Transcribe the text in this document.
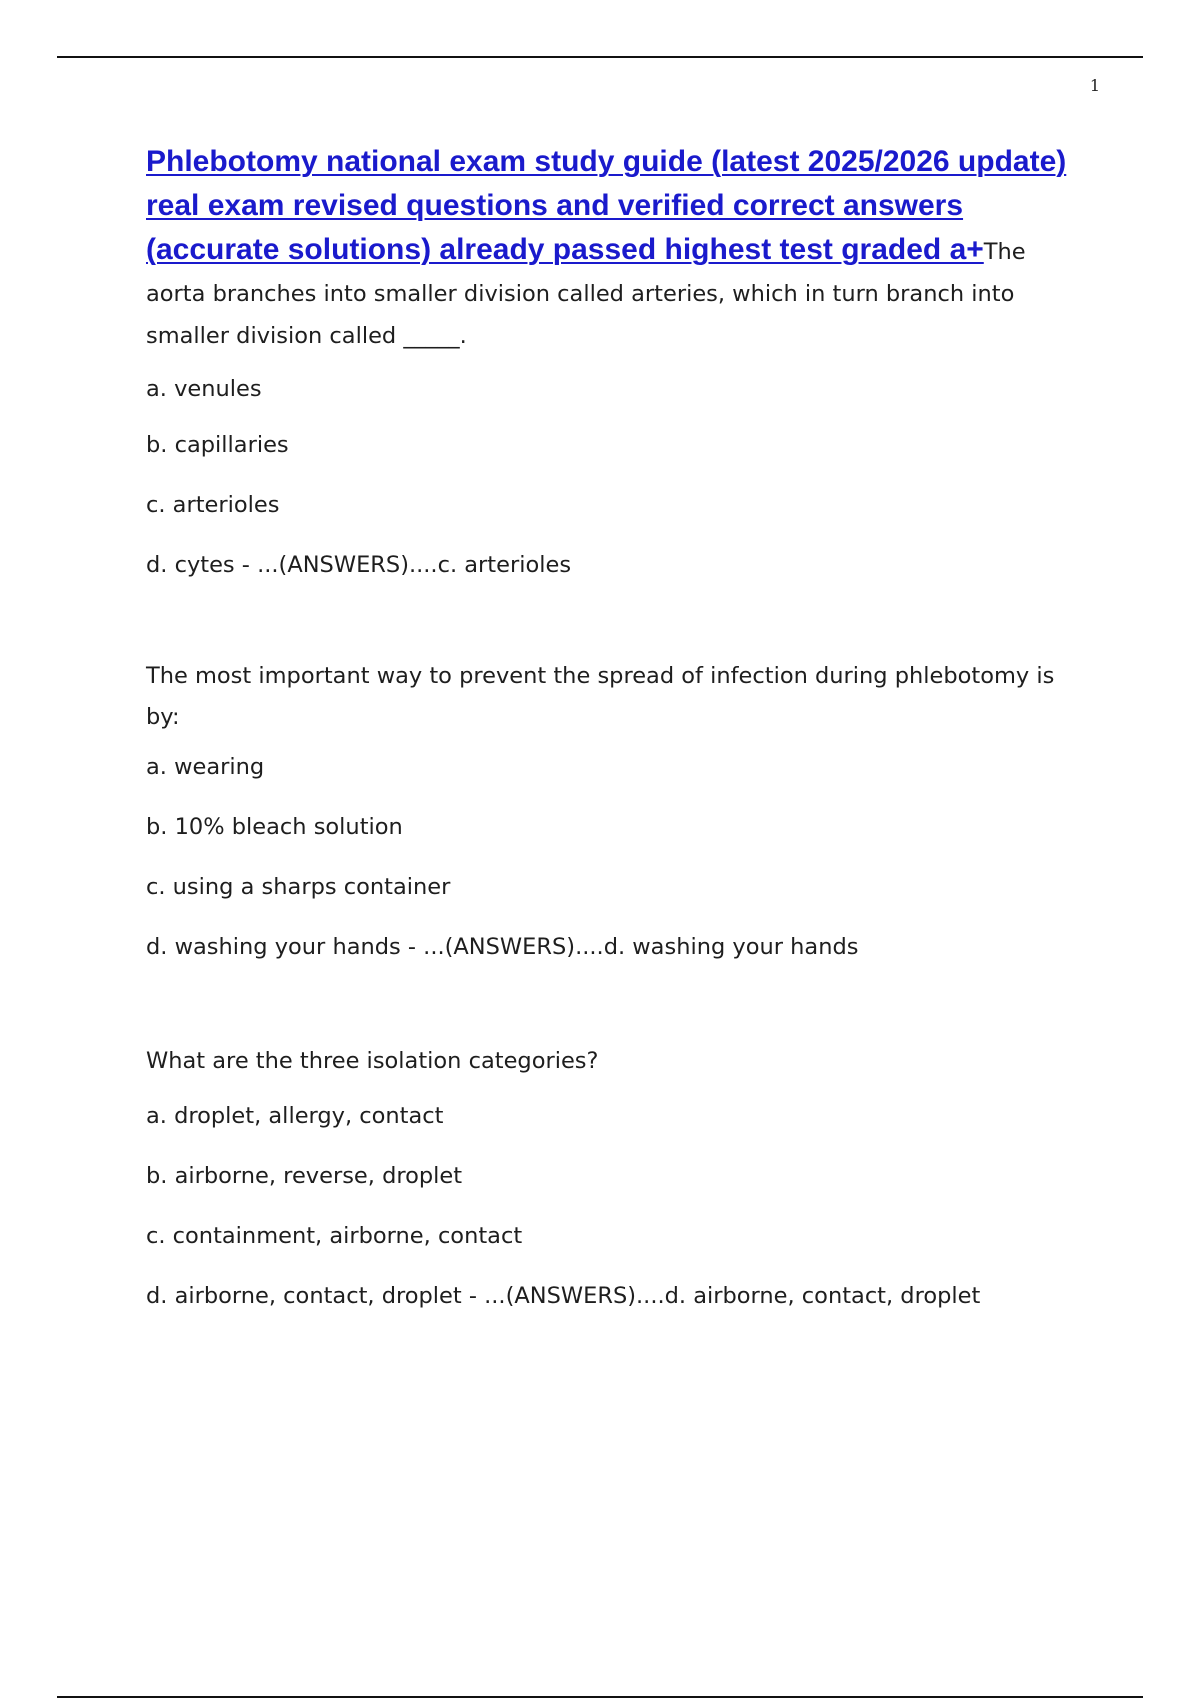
1

Phlebotomy national exam study guide (latest 2025/2026 update) real exam revised questions and verified correct answers (accurate solutions) already passed highest test graded a+The aorta branches into smaller division called arteries, which in turn branch into smaller division called _____.

a. venules

b. capillaries

c. arterioles

d. cytes - ...(ANSWERS)....c. arterioles

The most important way to prevent the spread of infection during phlebotomy is by:

a. wearing

b. 10% bleach solution

c. using a sharps container

d. washing your hands - ...(ANSWERS)....d. washing your hands

What are the three isolation categories?

a. droplet, allergy, contact

b. airborne, reverse, droplet

c. containment, airborne, contact

d. airborne, contact, droplet - ...(ANSWERS)....d. airborne, contact, droplet
